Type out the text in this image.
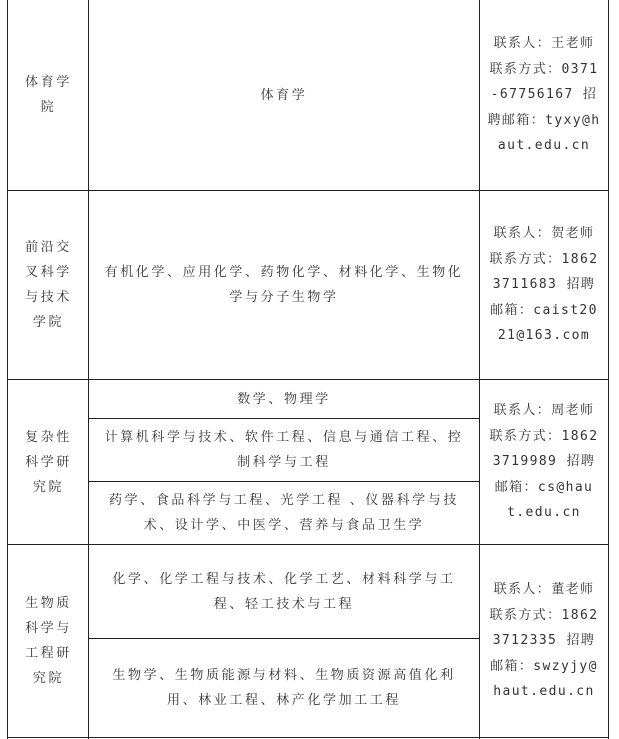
体育学院
体育学
联系人：王老师 联系方式：0371-67756167 招聘邮箱：tyxy@haut.edu.cn
前沿交叉科学与技术学院
有机化学、应用化学、药物化学、材料化学、生物化学与分子生物学
联系人：贺老师 联系方式：18623711683 招聘邮箱：caist2021@163.com
复杂性科学研究院
数学、物理学
计算机科学与技术、软件工程、信息与通信工程、控制科学与工程
药学、食品科学与工程、光学工程 、仪器科学与技术、设计学、中医学、营养与食品卫生学
联系人：周老师 联系方式：18623719989 招聘邮箱：cs@haut.edu.cn
生物质科学与工程研究院
化学、化学工程与技术、化学工艺、材料科学与工程、轻工技术与工程
生物学、生物质能源与材料、生物质资源高值化利用、林业工程、林产化学加工工程
联系人：董老师 联系方式：18623712335 招聘邮箱：swzyjy@haut.edu.cn
